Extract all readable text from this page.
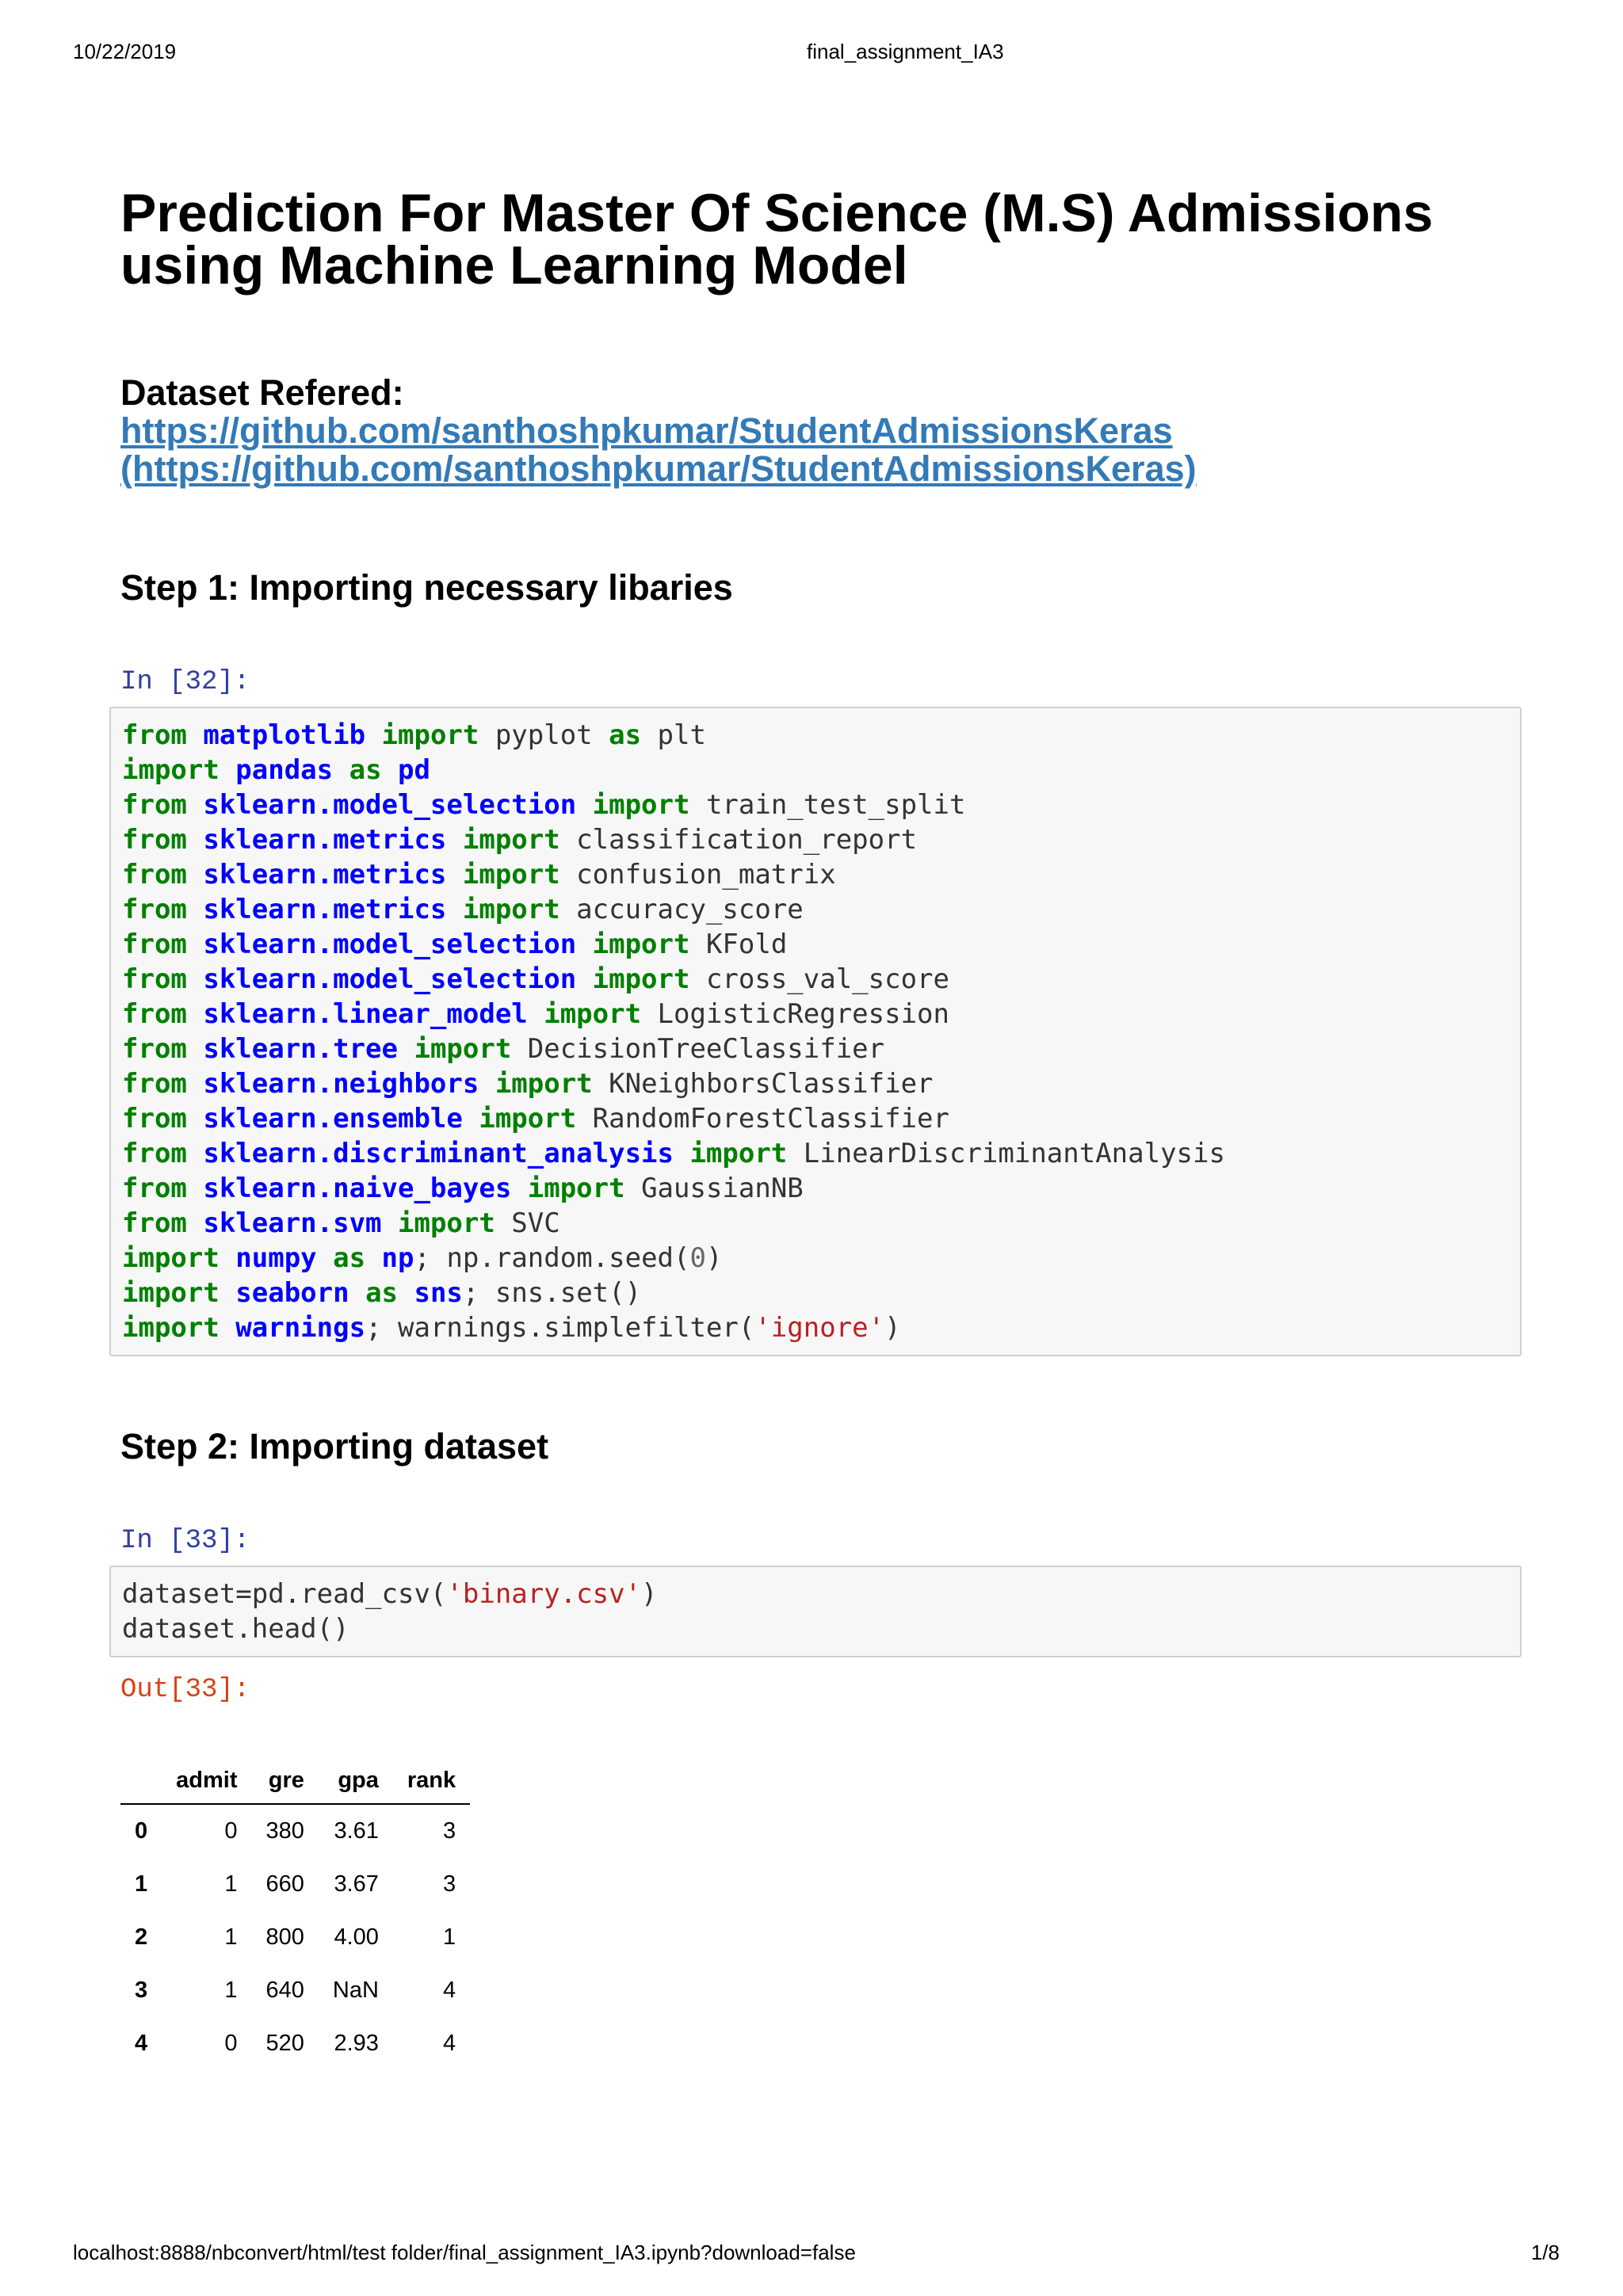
10/22/2019	final_assignment_IA3
Prediction For Master Of Science (M.S) Admissions using Machine Learning Model
Dataset Refered:
https://github.com/santhoshpkumar/StudentAdmissionsKeras
(https://github.com/santhoshpkumar/StudentAdmissionsKeras)
Step 1: Importing necessary libaries
In [32]:
from matplotlib import pyplot as plt
import pandas as pd
from sklearn.model_selection import train_test_split
from sklearn.metrics import classification_report
from sklearn.metrics import confusion_matrix
from sklearn.metrics import accuracy_score
from sklearn.model_selection import KFold
from sklearn.model_selection import cross_val_score
from sklearn.linear_model import LogisticRegression
from sklearn.tree import DecisionTreeClassifier
from sklearn.neighbors import KNeighborsClassifier
from sklearn.ensemble import RandomForestClassifier
from sklearn.discriminant_analysis import LinearDiscriminantAnalysis
from sklearn.naive_bayes import GaussianNB
from sklearn.svm import SVC
import numpy as np; np.random.seed(0)
import seaborn as sns; sns.set()
import warnings; warnings.simplefilter('ignore')
Step 2: Importing dataset
In [33]:
dataset=pd.read_csv('binary.csv')
dataset.head()
Out[33]:
	admit	gre	gpa	rank
0	0	380	3.61	3
1	1	660	3.67	3
2	1	800	4.00	1
3	1	640	NaN	4
4	0	520	2.93	4
localhost:8888/nbconvert/html/test folder/final_assignment_IA3.ipynb?download=false	1/8
